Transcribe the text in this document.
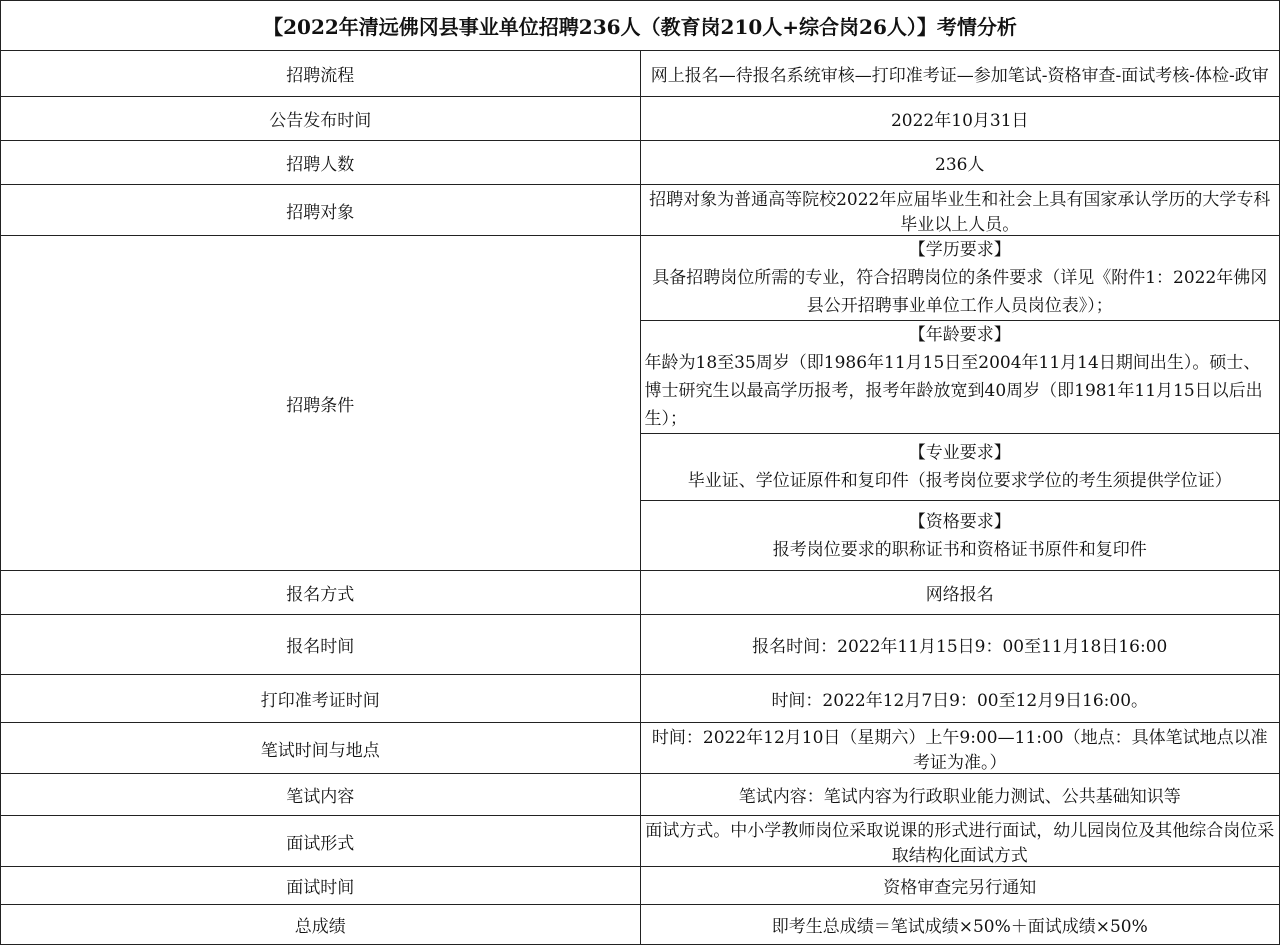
【2022年清远佛冈县事业单位招聘236人（教育岗210人+综合岗26人）】考情分析	
招聘流程	网上报名—待报名系统审核—打印准考证—参加笔试-资格审查-面试考核-体检-政审
公告发布时间	2022年10月31日
招聘人数	236人
招聘对象	招聘对象为普通高等院校2022年应届毕业生和社会上具有国家承认学历的大学专科毕业以上人员。
招聘条件	【学历要求】
具备招聘岗位所需的专业，符合招聘岗位的条件要求（详见《附件1：2022年佛冈县公开招聘事业单位工作人员岗位表》）；

	【年龄要求】
年龄为18至35周岁（即1986年11月15日至2004年11月14日期间出生）。硕士、博士研究生以最高学历报考，报考年龄放宽到40周岁（即1981年11月15日以后出生）；

	【专业要求】
毕业证、学位证原件和复印件（报考岗位要求学位的考生须提供学位证）

	【资格要求】
报考岗位要求的职称证书和资格证书原件和复印件

报名方式	网络报名
报名时间	报名时间：2022年11月15日9：00至11月18日16:00
打印准考证时间	时间：2022年12月7日9：00至12月9日16:00。
笔试时间与地点	时间：2022年12月10日（星期六）上午9:00—11:00（地点：具体笔试地点以准考证为准。）
笔试内容	笔试内容：笔试内容为行政职业能力测试、公共基础知识等
面试形式	面试方式。中小学教师岗位采取说课的形式进行面试，幼儿园岗位及其他综合岗位采取结构化面试方式
面试时间	资格审查完另行通知
总成绩	即考生总成绩＝笔试成绩×50%＋面试成绩×50%
